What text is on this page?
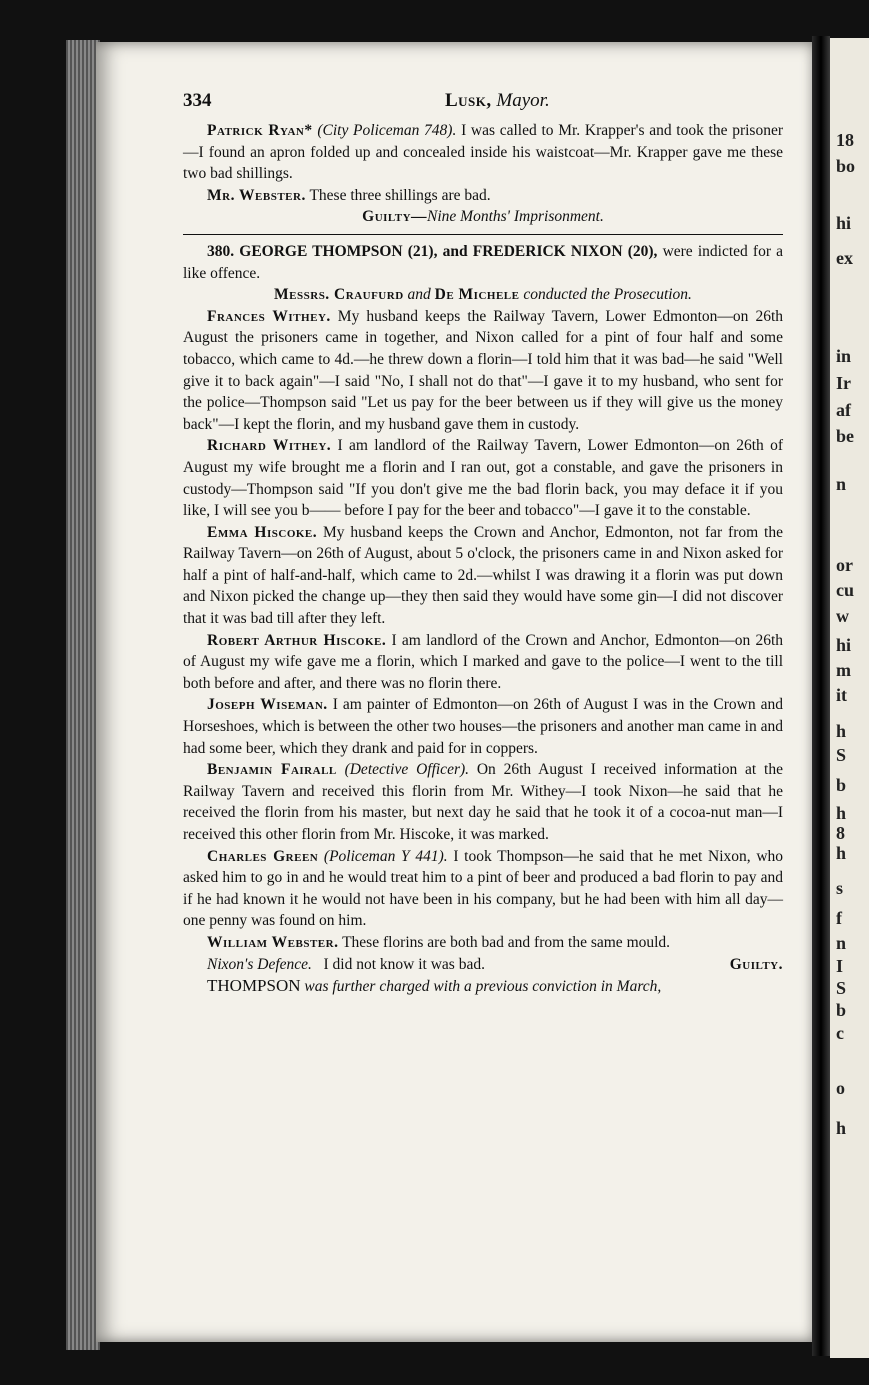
18
bo
hi
ex
in
Ir
af
be
n
or
cu
w
hi
m
it
h
S
b
h
8
h
s
f
n
I
S
b
c
o
h
334	Lusk, Mayor.

Patrick Ryan* (City Policeman 748). I was called to Mr. Krapper's and took the prisoner—I found an apron folded up and concealed inside his waistcoat—Mr. Krapper gave me these two bad shillings.

Mr. Webster. These three shillings are bad.

Guilty—Nine Months' Imprisonment.

380. GEORGE THOMPSON (21), and FREDERICK NIXON (20), were indicted for a like offence.

Messrs. Craufurd and De Michele conducted the Prosecution.

Frances Withey. My husband keeps the Railway Tavern, Lower Edmonton—on 26th August the prisoners came in together, and Nixon called for a pint of four half and some tobacco, which came to 4d.—he threw down a florin—I told him that it was bad—he said "Well give it to back again"—I said "No, I shall not do that"—I gave it to my husband, who sent for the police—Thompson said "Let us pay for the beer between us if they will give us the money back"—I kept the florin, and my husband gave them in custody.

Richard Withey. I am landlord of the Railway Tavern, Lower Edmonton—on 26th of August my wife brought me a florin and I ran out, got a constable, and gave the prisoners in custody—Thompson said "If you don't give me the bad florin back, you may deface it if you like, I will see you b—— before I pay for the beer and tobacco"—I gave it to the constable.

Emma Hiscoke. My husband keeps the Crown and Anchor, Edmonton, not far from the Railway Tavern—on 26th of August, about 5 o'clock, the prisoners came in and Nixon asked for half a pint of half-and-half, which came to 2d.—whilst I was drawing it a florin was put down and Nixon picked the change up—they then said they would have some gin—I did not discover that it was bad till after they left.

Robert Arthur Hiscoke. I am landlord of the Crown and Anchor, Edmonton—on 26th of August my wife gave me a florin, which I marked and gave to the police—I went to the till both before and after, and there was no florin there.

Joseph Wiseman. I am painter of Edmonton—on 26th of August I was in the Crown and Horseshoes, which is between the other two houses—the prisoners and another man came in and had some beer, which they drank and paid for in coppers.

Benjamin Fairall (Detective Officer). On 26th August I received information at the Railway Tavern and received this florin from Mr. Withey—I took Nixon—he said that he received the florin from his master, but next day he said that he took it of a cocoa-nut man—I received this other florin from Mr. Hiscoke, it was marked.

Charles Green (Policeman Y 441). I took Thompson—he said that he met Nixon, who asked him to go in and he would treat him to a pint of beer and produced a bad florin to pay and if he had known it he would not have been in his company, but he had been with him all day—one penny was found on him.

William Webster. These florins are both bad and from the same mould.

Nixon's Defence. I did not know it was bad.	Guilty.

THOMPSON was further charged with a previous conviction in March,
